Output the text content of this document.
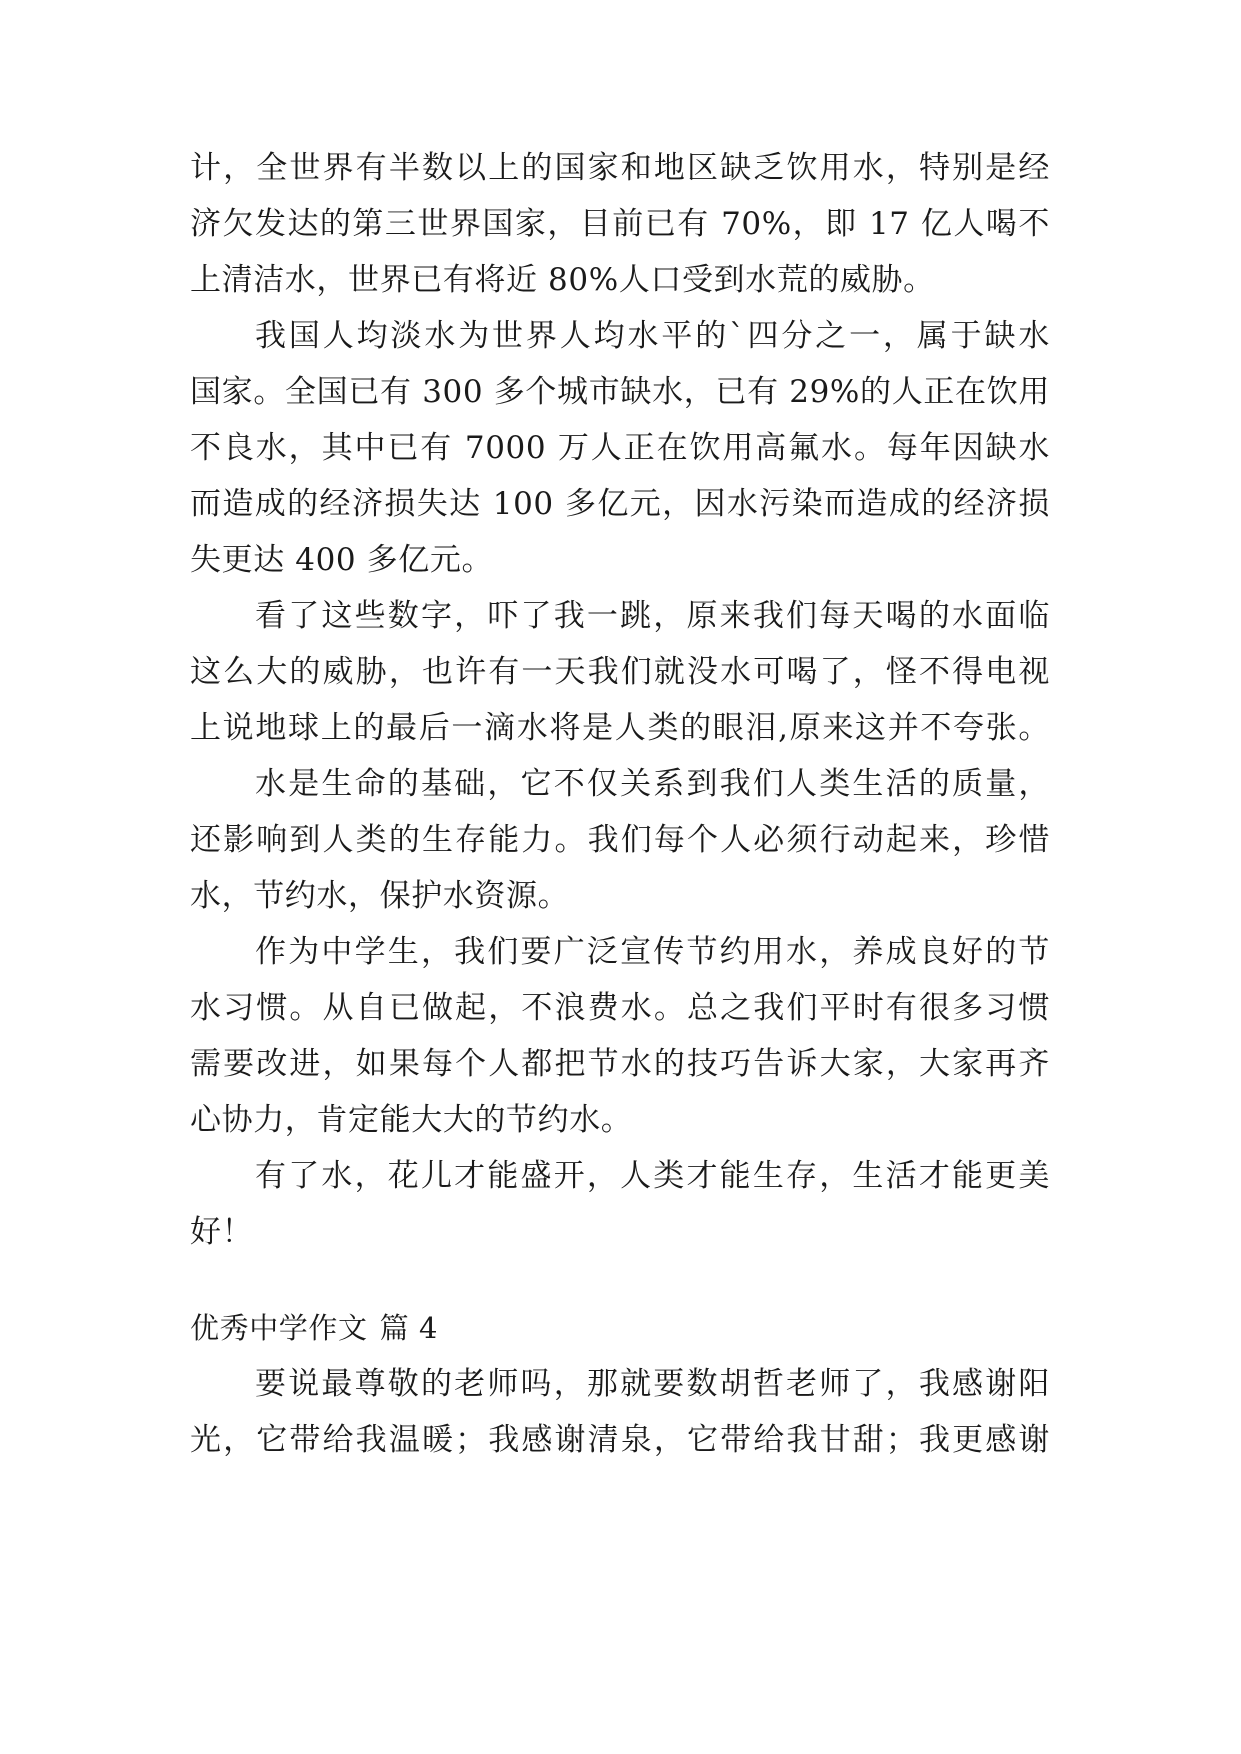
计，全世界有半数以上的国家和地区缺乏饮用水，特别是经
济欠发达的第三世界国家，目前已有 70%，即 17 亿人喝不
上清洁水，世界已有将近 80%人口受到水荒的威胁。
我国人均淡水为世界人均水平的`四分之一，属于缺水
国家。全国已有 300 多个城市缺水，已有 29%的人正在饮用
不良水，其中已有 7000 万人正在饮用高氟水。每年因缺水
而造成的经济损失达 100 多亿元，因水污染而造成的经济损
失更达 400 多亿元。
看了这些数字，吓了我一跳，原来我们每天喝的水面临
这么大的威胁，也许有一天我们就没水可喝了，怪不得电视
上说地球上的最后一滴水将是人类的眼泪,原来这并不夸张。
水是生命的基础，它不仅关系到我们人类生活的质量，
还影响到人类的生存能力。我们每个人必须行动起来，珍惜
水，节约水，保护水资源。
作为中学生，我们要广泛宣传节约用水，养成良好的节
水习惯。从自已做起，不浪费水。总之我们平时有很多习惯
需要改进，如果每个人都把节水的技巧告诉大家，大家再齐
心协力，肯定能大大的节约水。
有了水，花儿才能盛开，人类才能生存，生活才能更美
好！
优秀中学作文 篇 4
要说最尊敬的老师吗，那就要数胡哲老师了，我感谢阳
光，它带给我温暖；我感谢清泉，它带给我甘甜；我更感谢
